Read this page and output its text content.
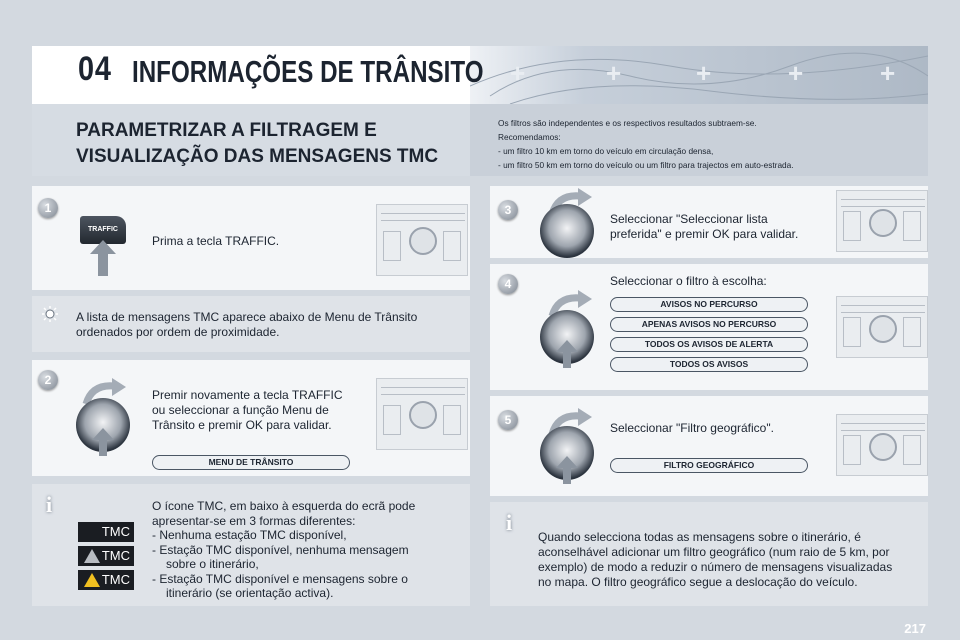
+	+	+	+	+
04 INFORMAÇÕES DE TRÂNSITO
PARAMETRIZAR A FILTRAGEM E
VISUALIZAÇÃO DAS MENSAGENS TMC
Os filtros são independentes e os respectivos resultados subtraem-se.
Recomendamos:
- um filtro 10 km em torno do veículo em circulação densa,
- um filtro 50 km em torno do veículo ou um filtro para trajectos em auto-estrada.
1
TRAFFIC
Prima a tecla TRAFFIC.
A lista de mensagens TMC aparece abaixo de Menu de Trânsito
ordenados por ordem de proximidade.
2
Premir novamente a tecla TRAFFIC
ou seleccionar a função Menu de
Trânsito e premir OK para validar.
MENU DE TRÂNSITO
i
TMC
TMC
TMC
O ícone TMC, em baixo à esquerda do ecrã pode
apresentar-se em 3 formas diferentes:
- Nenhuma estação TMC disponível,
- Estação TMC disponível, nenhuma mensagem
sobre o itinerário,
- Estação TMC disponível e mensagens sobre o
itinerário (se orientação activa).
3
Seleccionar "Seleccionar lista
preferida" e premir OK para validar.
4	Seleccionar o filtro à escolha:
AVISOS NO PERCURSO
APENAS AVISOS NO PERCURSO
TODOS OS AVISOS DE ALERTA
TODOS OS AVISOS
5
Seleccionar "Filtro geográfico".
FILTRO GEOGRÁFICO
i
Quando selecciona todas as mensagens sobre o itinerário, é
aconselhável adicionar um filtro geográfico (num raio de 5 km, por
exemplo) de modo a reduzir o número de mensagens visualizadas
no mapa. O filtro geográfico segue a deslocação do veículo.
217
